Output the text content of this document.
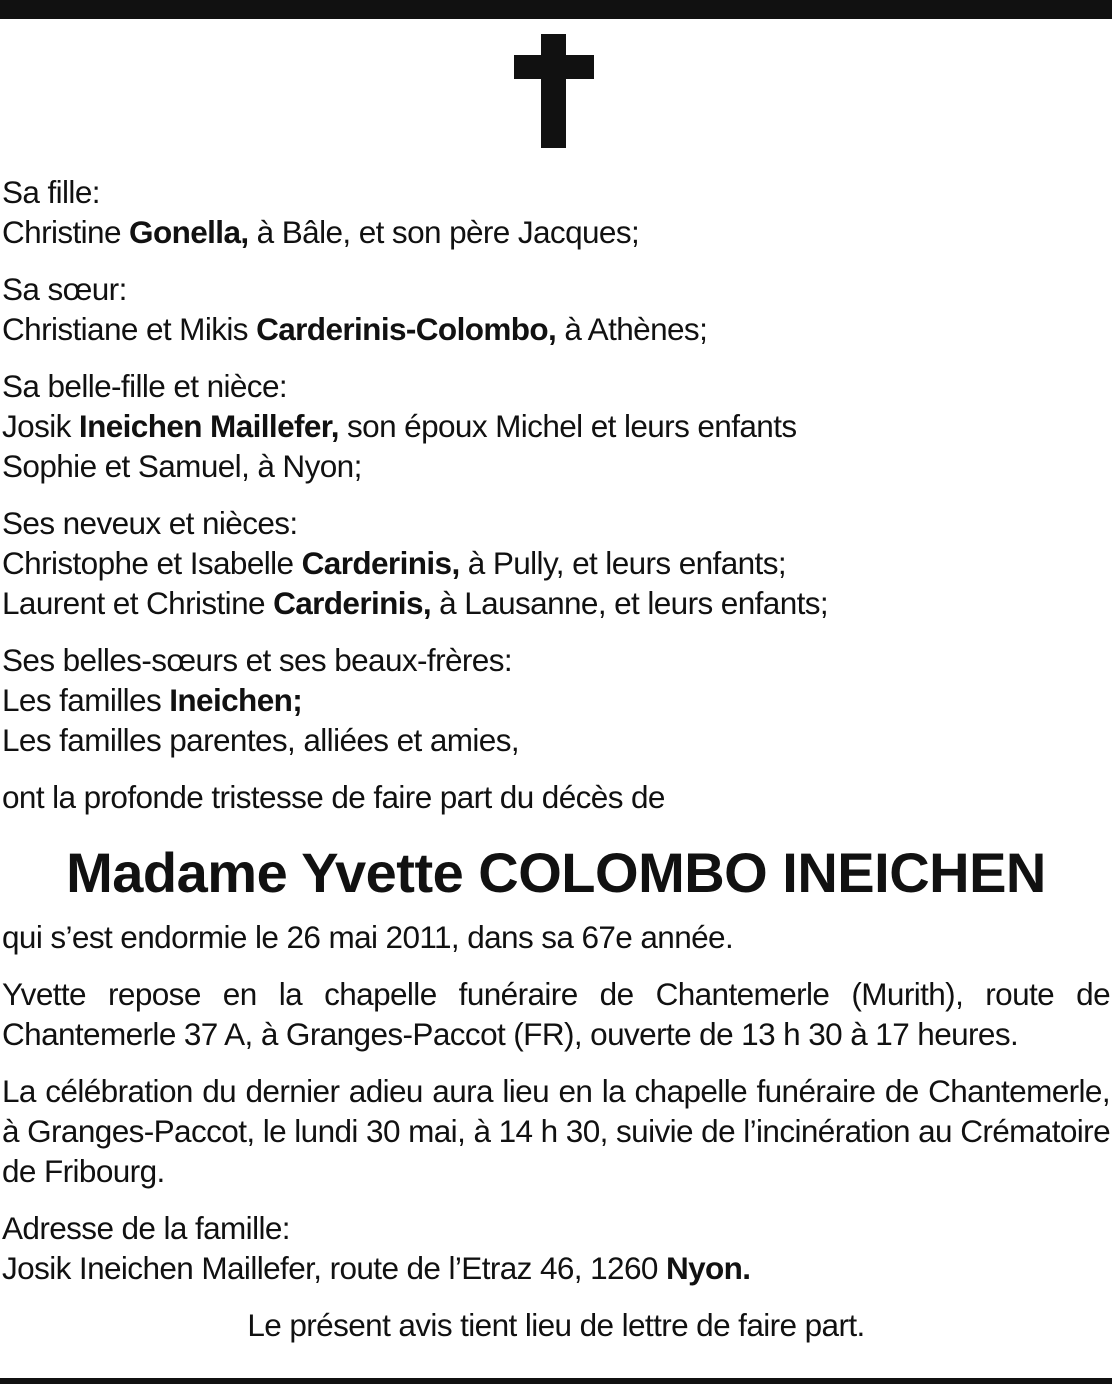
Sa fille:
Christine Gonella, à Bâle, et son père Jacques;
Sa sœur:
Christiane et Mikis Carderinis-Colombo, à Athènes;
Sa belle-fille et nièce:
Josik Ineichen Maillefer, son époux Michel et leurs enfants
Sophie et Samuel, à Nyon;
Ses neveux et nièces:
Christophe et Isabelle Carderinis, à Pully, et leurs enfants;
Laurent et Christine Carderinis, à Lausanne, et leurs enfants;
Ses belles-sœurs et ses beaux-frères:
Les familles Ineichen;
Les familles parentes, alliées et amies,
ont la profonde tristesse de faire part du décès de
Madame Yvette COLOMBO INEICHEN
qui s’est endormie le 26 mai 2011, dans sa 67e année.
Yvette repose en la chapelle funéraire de Chantemerle (Murith), route de Chantemerle 37 A, à Granges-Paccot (FR), ouverte de 13 h 30 à 17 heures.
La célébration du dernier adieu aura lieu en la chapelle funéraire de Chantemerle, à Granges-Paccot, le lundi 30 mai, à 14 h 30, suivie de l’incinération au Crématoire de Fribourg.
Adresse de la famille:
Josik Ineichen Maillefer, route de l’Etraz 46, 1260 Nyon.
Le présent avis tient lieu de lettre de faire part.
